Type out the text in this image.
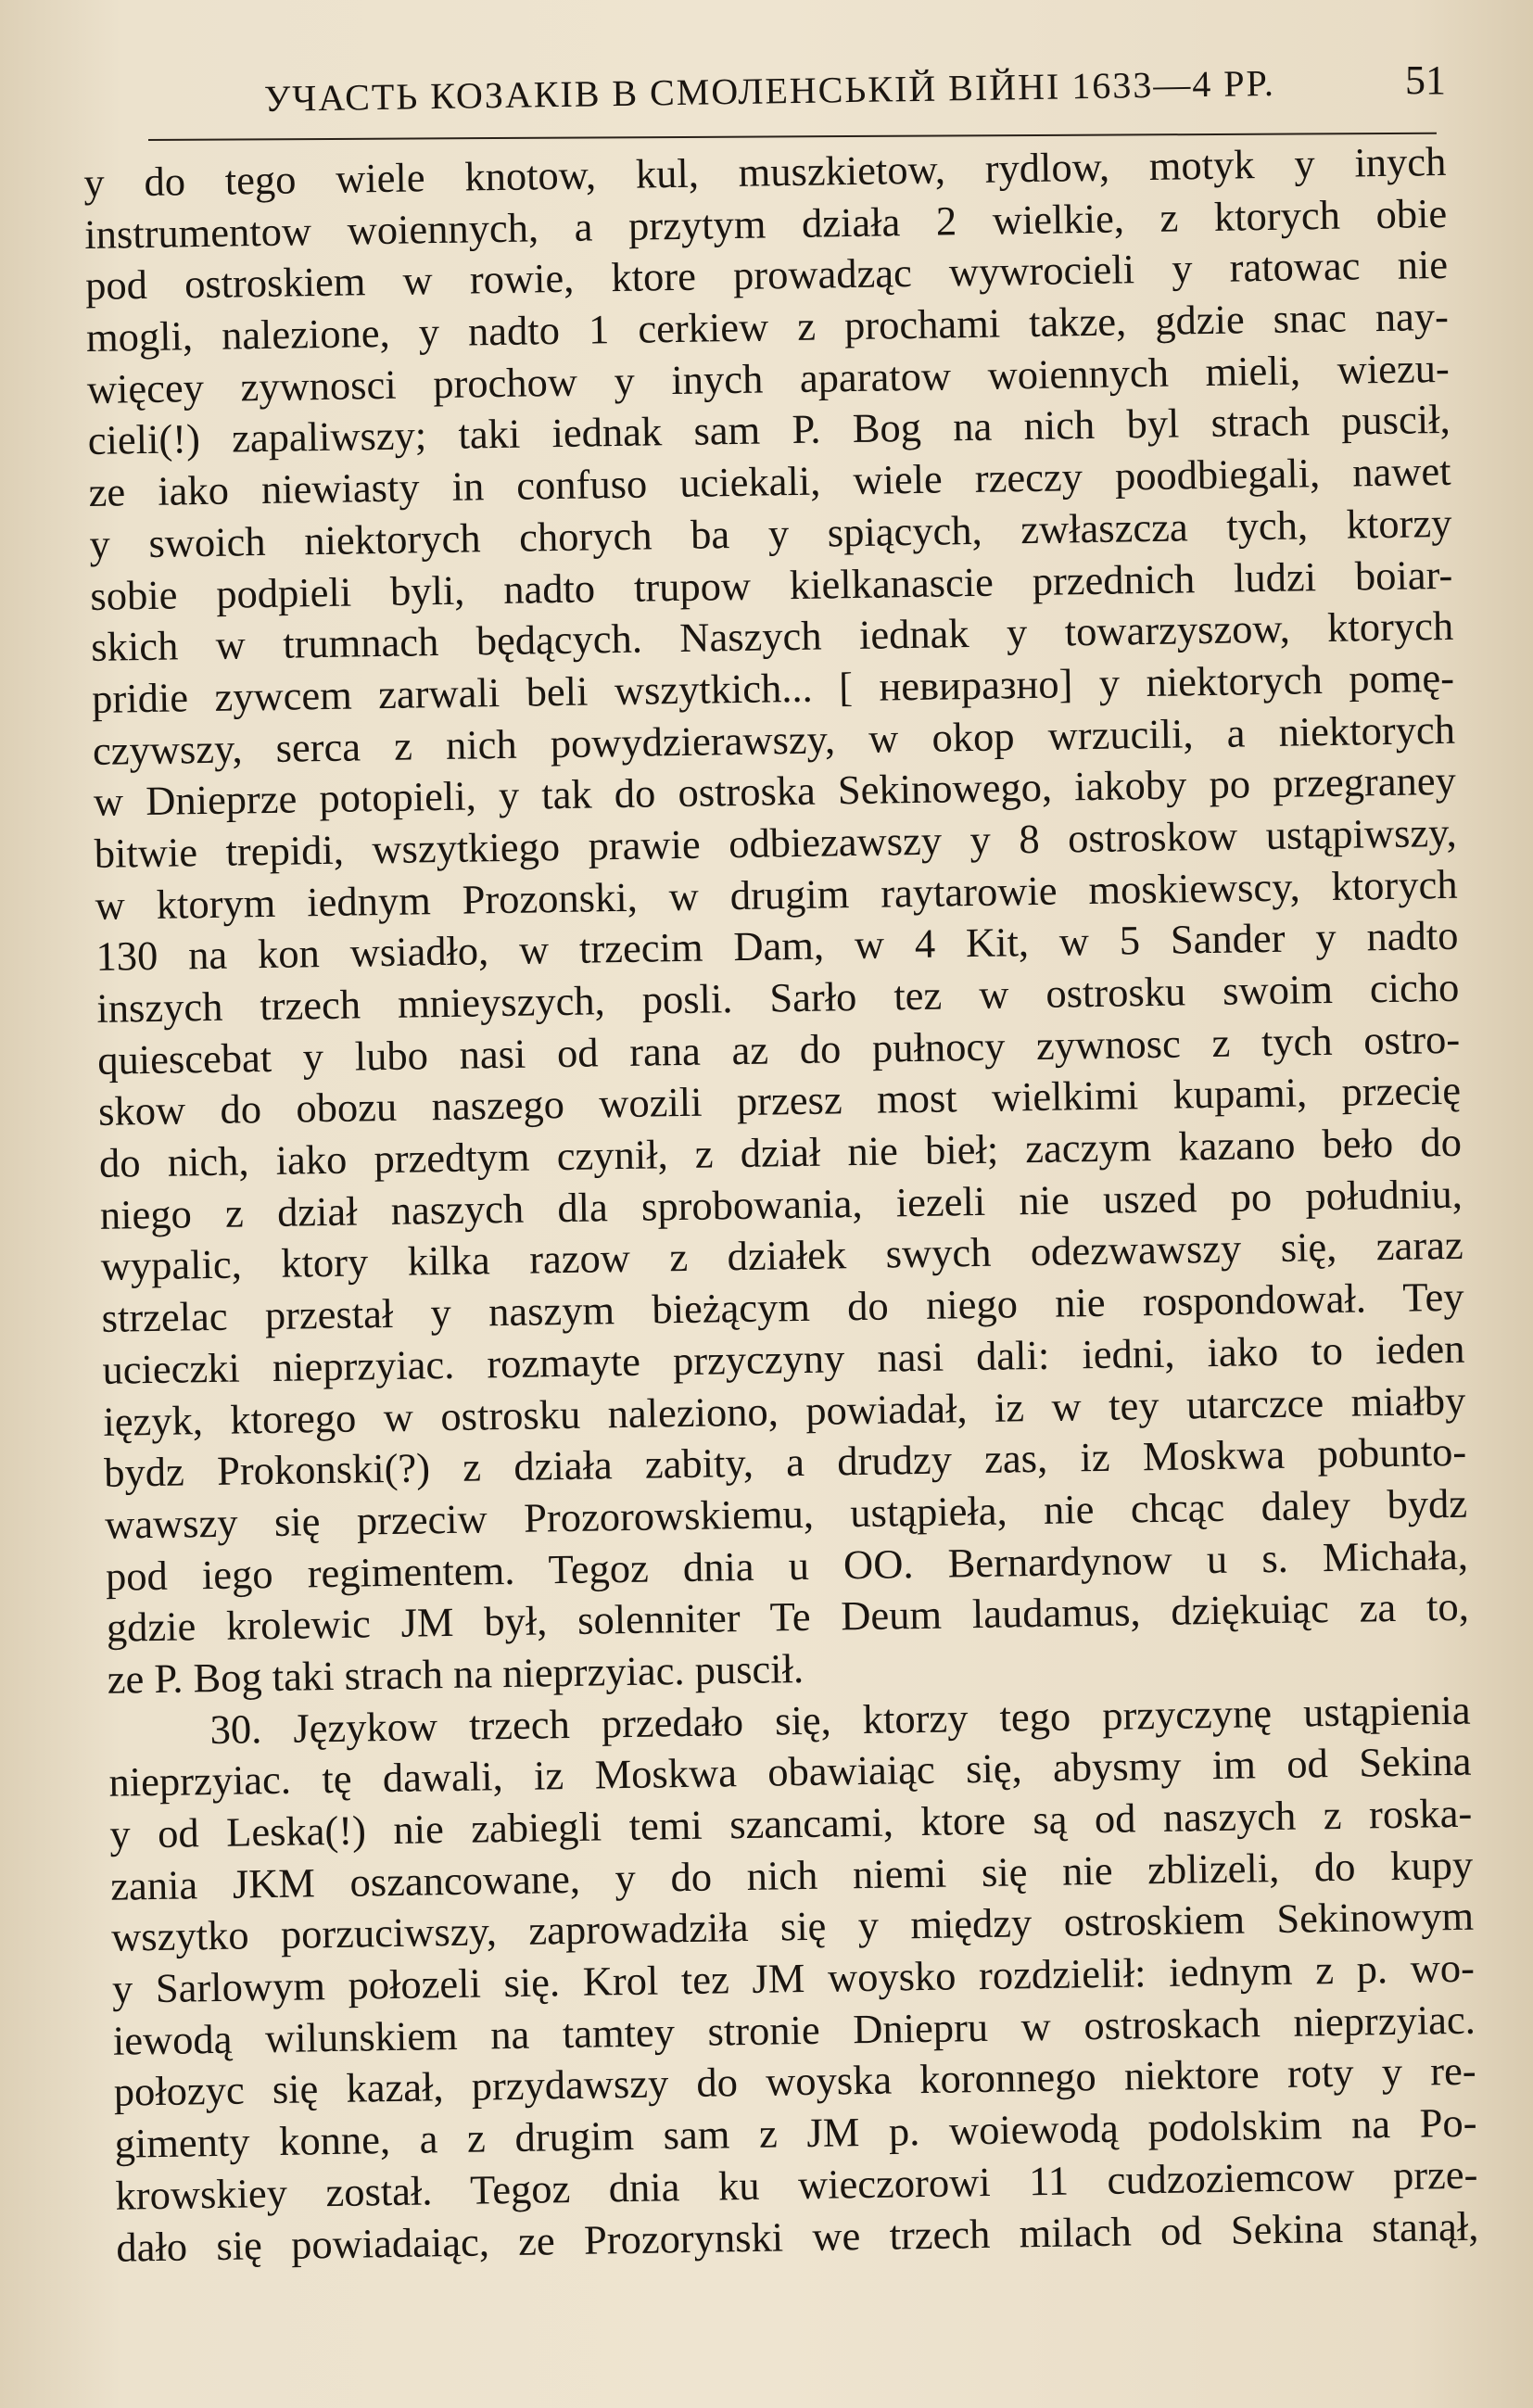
УЧАСТЬ КОЗАКІВ В СМОЛЕНСЬКІЙ ВІЙНІ 1633—4 РР.	51
y do tego wiele knotow, kul, muszkietow, rydlow, motyk y inych
instrumentow woiennych, a przytym działa 2 wielkie, z ktorych obie
pod ostroskiem w rowie, ktore prowadząc wywrocieli y ratowac nie
mogli, nalezione, y nadto 1 cerkiew z prochami takze, gdzie snac nay-
więcey zywnosci prochow y inych aparatow woiennych mieli, wiezu-
cieli(!) zapaliwszy; taki iednak sam P. Bog na nich byl strach puscił,
ze iako niewiasty in confuso uciekali, wiele rzeczy poodbiegali, nawet
y swoich niektorych chorych ba y spiących, zwłaszcza tych, ktorzy
sobie podpieli byli, nadto trupow kielkanascie przednich ludzi boiar-
skich w trumnach będących. Naszych iednak y towarzyszow, ktorych
pridie zywcem zarwali beli wszytkich... [ невиразно] y niektorych pomę-
czywszy, serca z nich powydzierawszy, w okop wrzucili, a niektorych
w Dnieprze potopieli, y tak do ostroska Sekinowego, iakoby po przegraney
bitwie trepidi, wszytkiego prawie odbiezawszy y 8 ostroskow ustąpiwszy,
w ktorym iednym Prozonski, w drugim raytarowie moskiewscy, ktorych
130 na kon wsiadło, w trzecim Dam, w 4 Kit, w 5 Sander y nadto
inszych trzech mnieyszych, posli. Sarło tez w ostrosku swoim cicho
quiescebat y lubo nasi od rana az do pułnocy zywnosc z tych ostro-
skow do obozu naszego wozili przesz most wielkimi kupami, przecię
do nich, iako przedtym czynił, z dział nie bieł; zaczym kazano beło do
niego z dział naszych dla sprobowania, iezeli nie uszed po południu,
wypalic, ktory kilka razow z działek swych odezwawszy się, zaraz
strzelac przestał y naszym bieżącym do niego nie rospondował. Tey
ucieczki nieprzyiac. rozmayte przyczyny nasi dali: iedni, iako to ieden
ięzyk, ktorego w ostrosku naleziono, powiadał, iz w tey utarczce miałby
bydz Prokonski(?) z działa zabity, a drudzy zas, iz Moskwa pobunto-
wawszy się przeciw Prozorowskiemu, ustąpieła, nie chcąc daley bydz
pod iego regimentem. Tegoz dnia u OO. Bernardynow u s. Michała,
gdzie krolewic JM był, solenniter Te Deum laudamus, dziękuiąc za to,
ze P. Bog taki strach na nieprzyiac. puscił.
30. Językow trzech przedało się, ktorzy tego przyczynę ustąpienia
nieprzyiac. tę dawali, iz Moskwa obawiaiąc się, abysmy im od Sekina
y od Leska(!) nie zabiegli temi szancami, ktore są od naszych z roska-
zania JKM oszancowane, y do nich niemi się nie zblizeli, do kupy
wszytko porzuciwszy, zaprowadziła się y między ostroskiem Sekinowym
y Sarlowym połozeli się. Krol tez JM woysko rozdzielił: iednym z p. wo-
iewodą wilunskiem na tamtey stronie Dniepru w ostroskach nieprzyiac.
połozyc się kazał, przydawszy do woyska koronnego niektore roty y re-
gimenty konne, a z drugim sam z JM p. woiewodą podolskim na Po-
krowskiey został. Tegoz dnia ku wieczorowi 11 cudzoziemcow prze-
dało się powiadaiąc, ze Prozorynski we trzech milach od Sekina stanął,
